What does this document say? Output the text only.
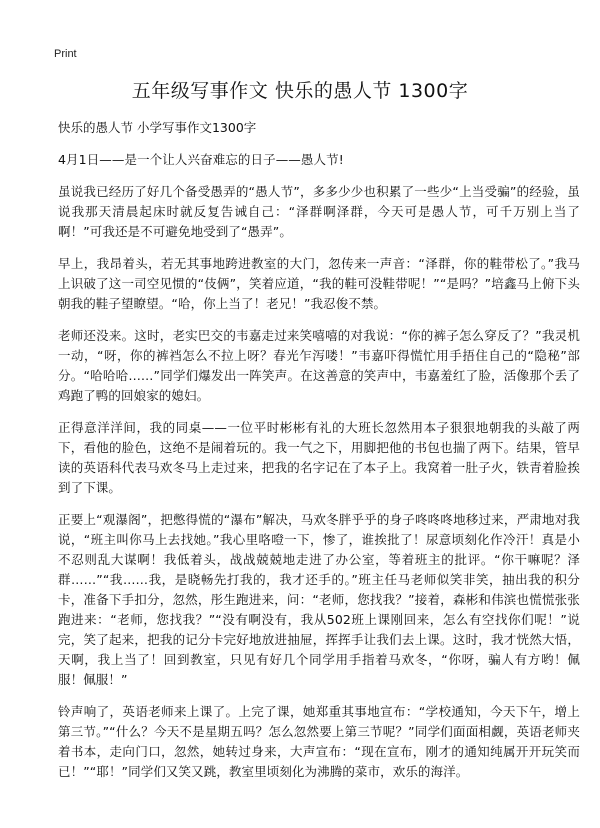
Print
五年级写事作文 快乐的愚人节 1300字

快乐的愚人节 小学写事作文1300字

4月1日——是一个让人兴奋难忘的日子——愚人节!

虽说我已经历了好几个备受愚弄的“愚人节”，多多少少也积累了一些少“上当受骗”的经验，虽说我那天清晨起床时就反复告诫自己：“泽群啊泽群，今天可是愚人节，可千万别上当了啊！”可我还是不可避免地受到了“愚弄”。

早上，我昂着头，若无其事地跨进教室的大门，忽传来一声音：“泽群，你的鞋带松了。”我马上识破了这一司空见惯的“伎俩”，笑着应道，“我的鞋可没鞋带呢！”“是吗？”培鑫马上俯下头朝我的鞋子望瞭望。“哈，你上当了！老兄！”我忍俊不禁。

老师还没来。这时，老实巴交的韦嘉走过来笑嘻嘻的对我说：“你的裤子怎么穿反了？”我灵机一动，“呀，你的裤裆怎么不拉上呀？春光乍泻喽！”韦嘉吓得慌忙用手捂住自己的“隐秘”部分。“哈哈哈……”同学们爆发出一阵笑声。在这善意的笑声中，韦嘉羞红了脸，活像那个丢了鸡跑了鸭的回娘家的媳妇。

正得意洋洋间，我的同桌——一位平时彬彬有礼的大班长忽然用本子狠狠地朝我的头敲了两下，看他的脸色，这绝不是闹着玩的。我一气之下，用脚把他的书包也揣了两下。结果，管早读的英语科代表马欢冬马上走过来，把我的名字记在了本子上。我窝着一肚子火，铁青着脸挨到了下课。

正要上“观瀑阁”，把憋得慌的“瀑布”解决，马欢冬胖乎乎的身子咚咚咚地移过来，严肃地对我说，“班主叫你马上去找她。”我心里咯噔一下，惨了，谁挨批了！尿意顷刻化作冷汗！真是小不忍则乱大谋啊！我低着头，战战兢兢地走进了办公室，等着班主的批评。“你干嘛呢？泽群……”“我……我，是晓畅先打我的，我才还手的。”班主任马老师似笑非笑，抽出我的积分卡，准备下手扣分，忽然，彤生跑进来，问：“老师，您找我？”接着，森彬和伟滨也慌慌张张跑进来：“老师，您找我？”“没有啊没有，我从502班上课刚回来，怎么有空找你们呢！”说完，笑了起来，把我的记分卡完好地放进抽屉，挥挥手让我们去上课。这时，我才恍然大悟，天啊，我上当了！回到教室，只见有好几个同学用手指着马欢冬，“你呀，骗人有方哟！佩服！佩服！”

铃声响了，英语老师来上课了。上完了课，她郑重其事地宣布：“学校通知，今天下午，增上第三节。”“什么？今天不是星期五吗？怎么忽然要上第三节呢？”同学们面面相觑，英语老师夹着书本，走向门口，忽然，她转过身来，大声宣布：“现在宣布，刚才的通知纯属开开玩笑而已！”“耶！”同学们又笑又跳，教室里顷刻化为沸腾的菜市，欢乐的海洋。
